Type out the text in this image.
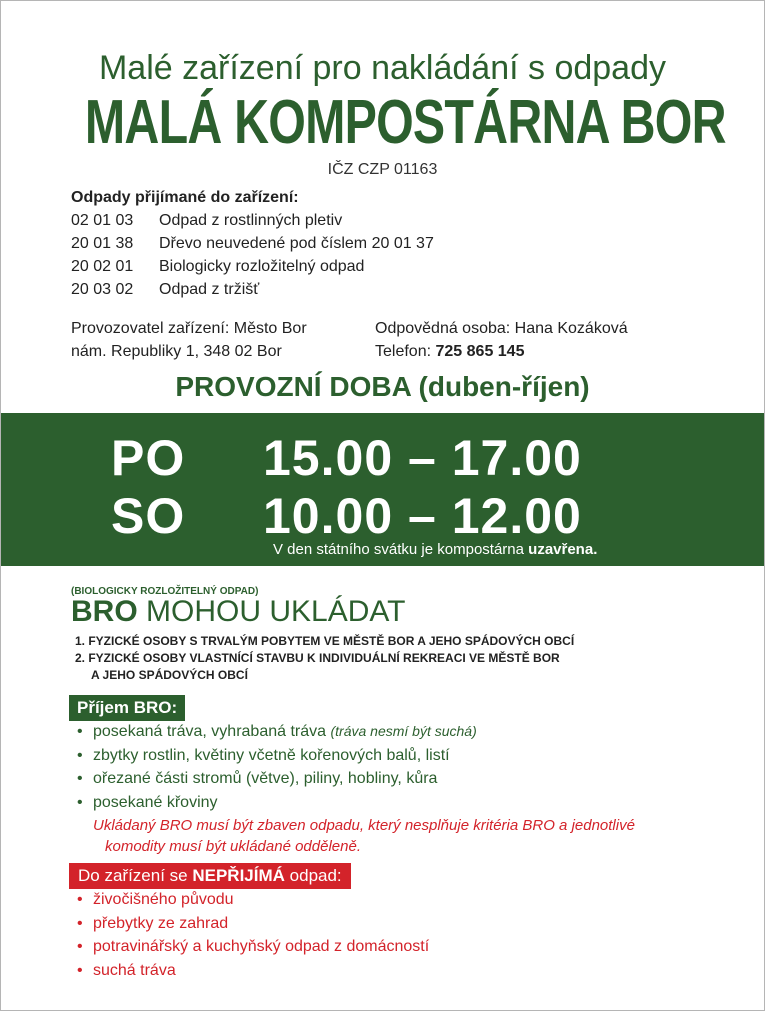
Malé zařízení pro nakládání s odpady
MALÁ KOMPOSTÁRNA BOR
IČZ CZP 01163
Odpady přijímané do zařízení:
02 01 03 Odpad z rostlinných pletiv
20 01 38 Dřevo neuvedené pod číslem 20 01 37
20 02 01 Biologicky rozložitelný odpad
20 03 02 Odpad z tržišť
Provozovatel zařízení: Město Bor
nám. Republiky 1, 348 02 Bor
Odpovědná osoba: Hana Kozáková
Telefon: 725 865 145
PROVOZNÍ DOBA (duben-říjen)
PO 15.00 – 17.00
SO 10.00 – 12.00
V den státního svátku je kompostárna uzavřena.
(BIOLOGICKY ROZLOŽITELNÝ ODPAD)
BRO MOHOU UKLÁDAT
1. FYZICKÉ OSOBY S TRVALÝM POBYTEM VE MĚSTĚ BOR A JEHO SPÁDOVÝCH OBCÍ
2. FYZICKÉ OSOBY VLASTNÍCÍ STAVBU K INDIVIDUÁLNÍ REKREACI VE MĚSTĚ BOR
A JEHO SPÁDOVÝCH OBCÍ
Příjem BRO:
• posekaná tráva, vyhrabaná tráva (tráva nesmí být suchá)
• zbytky rostlin, květiny včetně kořenových balů, listí
• ořezané části stromů (větve), piliny, hobliny, kůra
• posekané křoviny
Ukládaný BRO musí být zbaven odpadu, který nesplňuje kritéria BRO a jednotlivé
komodity musí být ukládané odděleně.
Do zařízení se NEPŘIJÍMÁ odpad:
• živočišného původu
• přebytky ze zahrad
• potravinářský a kuchyňský odpad z domácností
• suchá tráva
